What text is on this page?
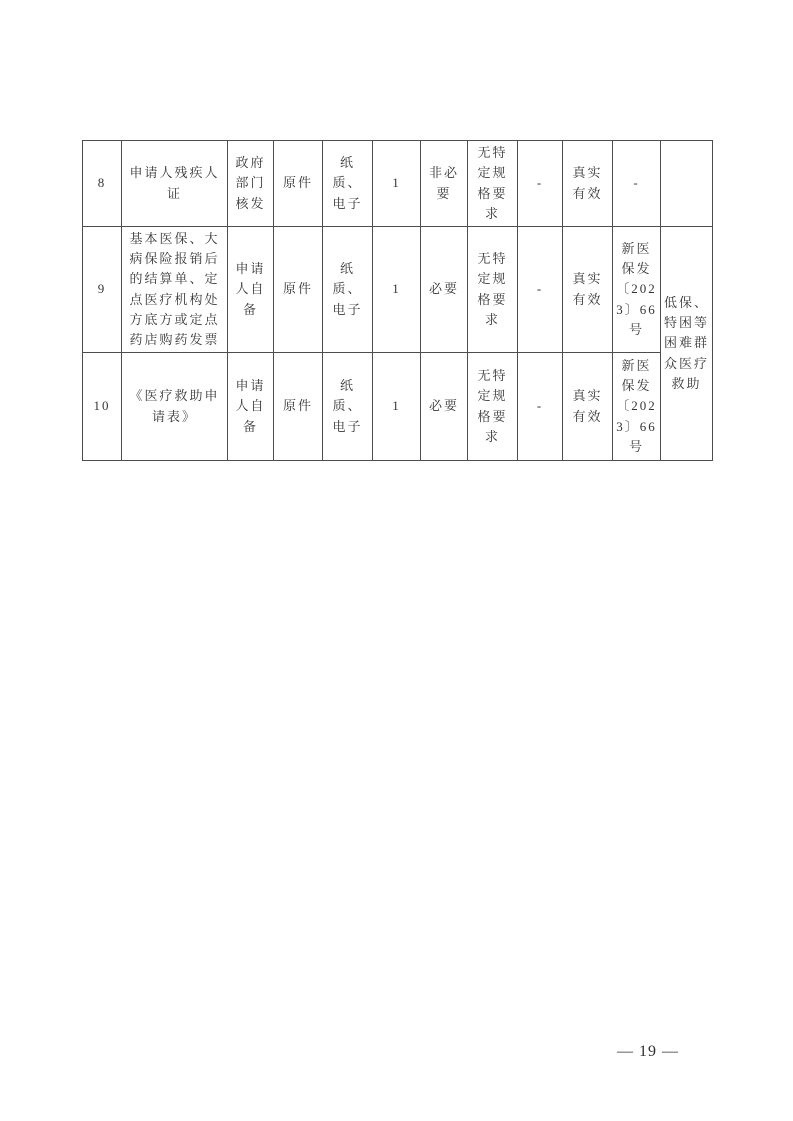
8	申请人残疾人证	政府部门核发	原件	纸质、电子	1	非必要	无特定规格要求	-	真实有效	-	
9	基本医保、大病保险报销后的结算单、定点医疗机构处方底方或定点药店购药发票	申请人自备	原件	纸质、电子	1	必要	无特定规格要求	-	真实有效	新医保发〔2023〕66号	低保、特困等困难群众医疗救助
10	《医疗救助申请表》	申请人自备	原件	纸质、电子	1	必要	无特定规格要求	-	真实有效	新医保发〔2023〕66号	
— 19 —
